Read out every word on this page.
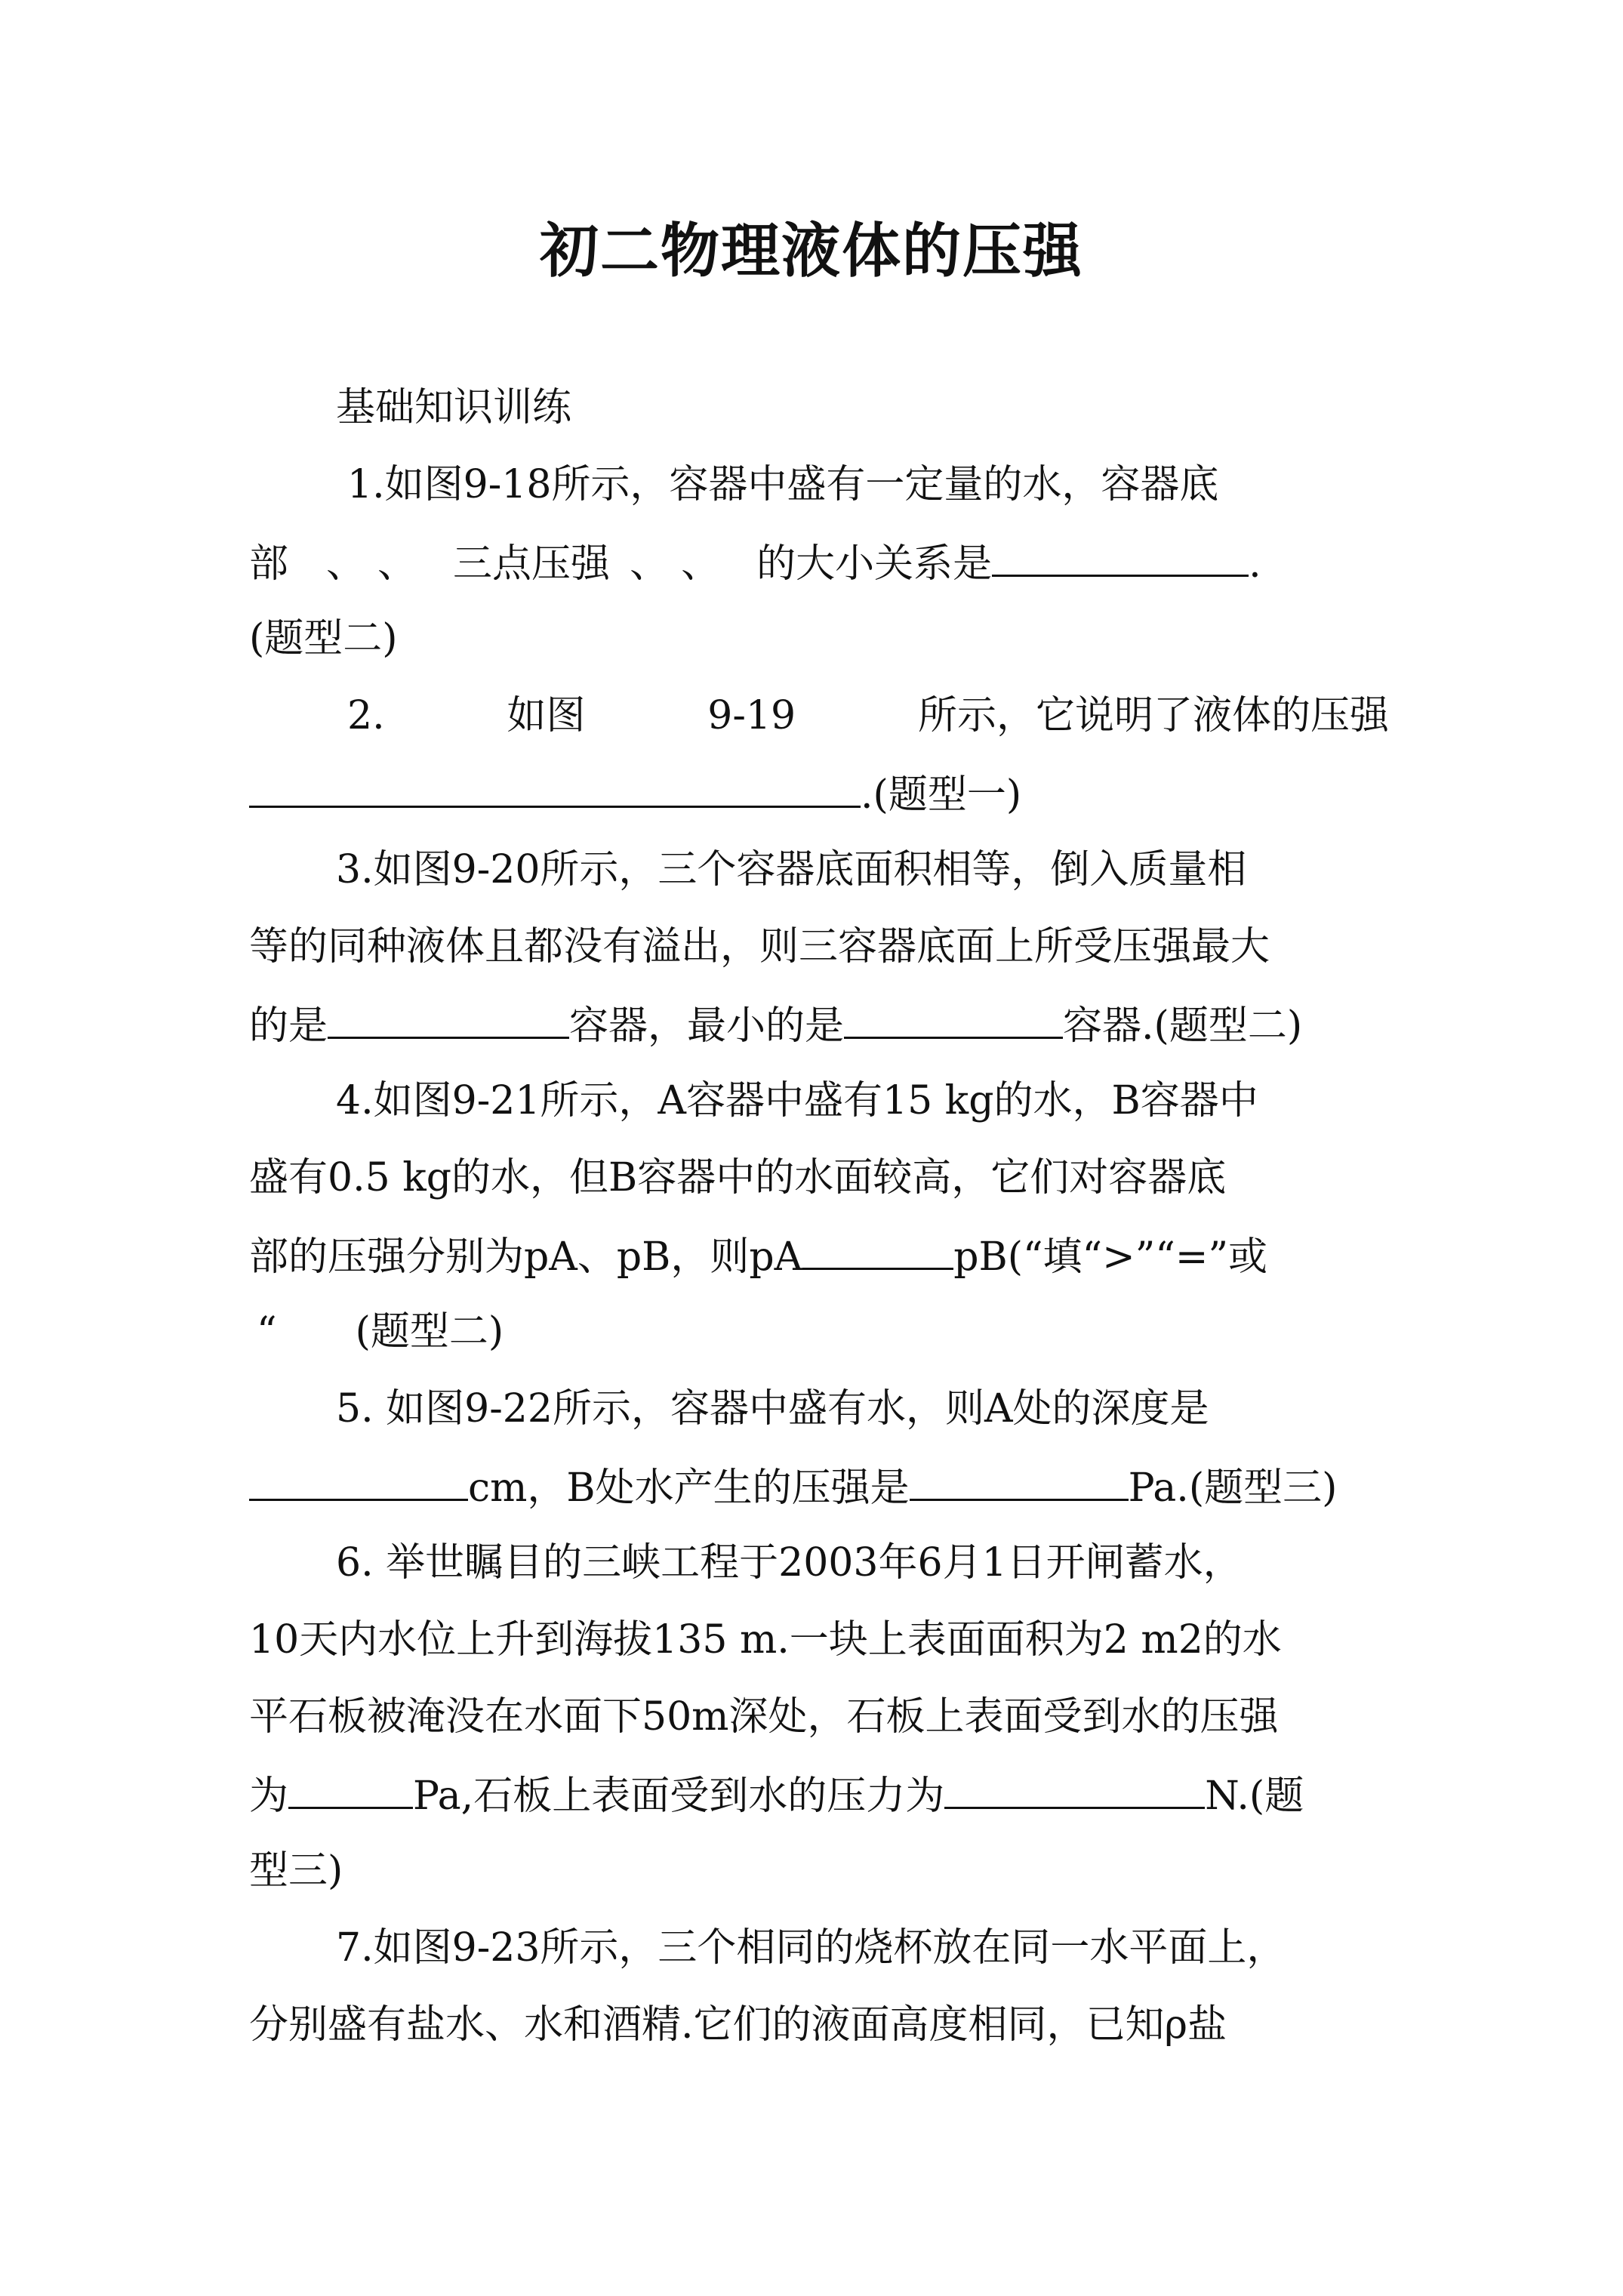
初二物理液体的压强
基础知识训练
1.如图9-18所示，容器中盛有一定量的水，容器底
部 、 、 三点压强 、 、 的大小关系是	.
(题型二)
2.	如图	9-19	所示，它说明了液体的压强
.(题型一)
3.如图9-20所示，三个容器底面积相等，倒入质量相
等的同种液体且都没有溢出，则三容器底面上所受压强最大
的是	容器，最小的是	容器.(题型二)
4.如图9-21所示，A容器中盛有15 kg的水，B容器中
盛有0.5 kg的水，但B容器中的水面较高，它们对容器底
部的压强分别为pA、pB，则pA	pB(“填“>”“=”或
“　　(题型二)
5. 如图9-22所示，容器中盛有水，则A处的深度是
cm，B处水产生的压强是	Pa.(题型三)
6. 举世瞩目的三峡工程于2003年6月1日开闸蓄水，
10天内水位上升到海拔135 m.一块上表面面积为2 m2的水
平石板被淹没在水面下50m深处，石板上表面受到水的压强
为	Pa,石板上表面受到水的压力为	N.(题
型三)
7.如图9-23所示，三个相同的烧杯放在同一水平面上，
分别盛有盐水、水和酒精.它们的液面高度相同，已知ρ盐
